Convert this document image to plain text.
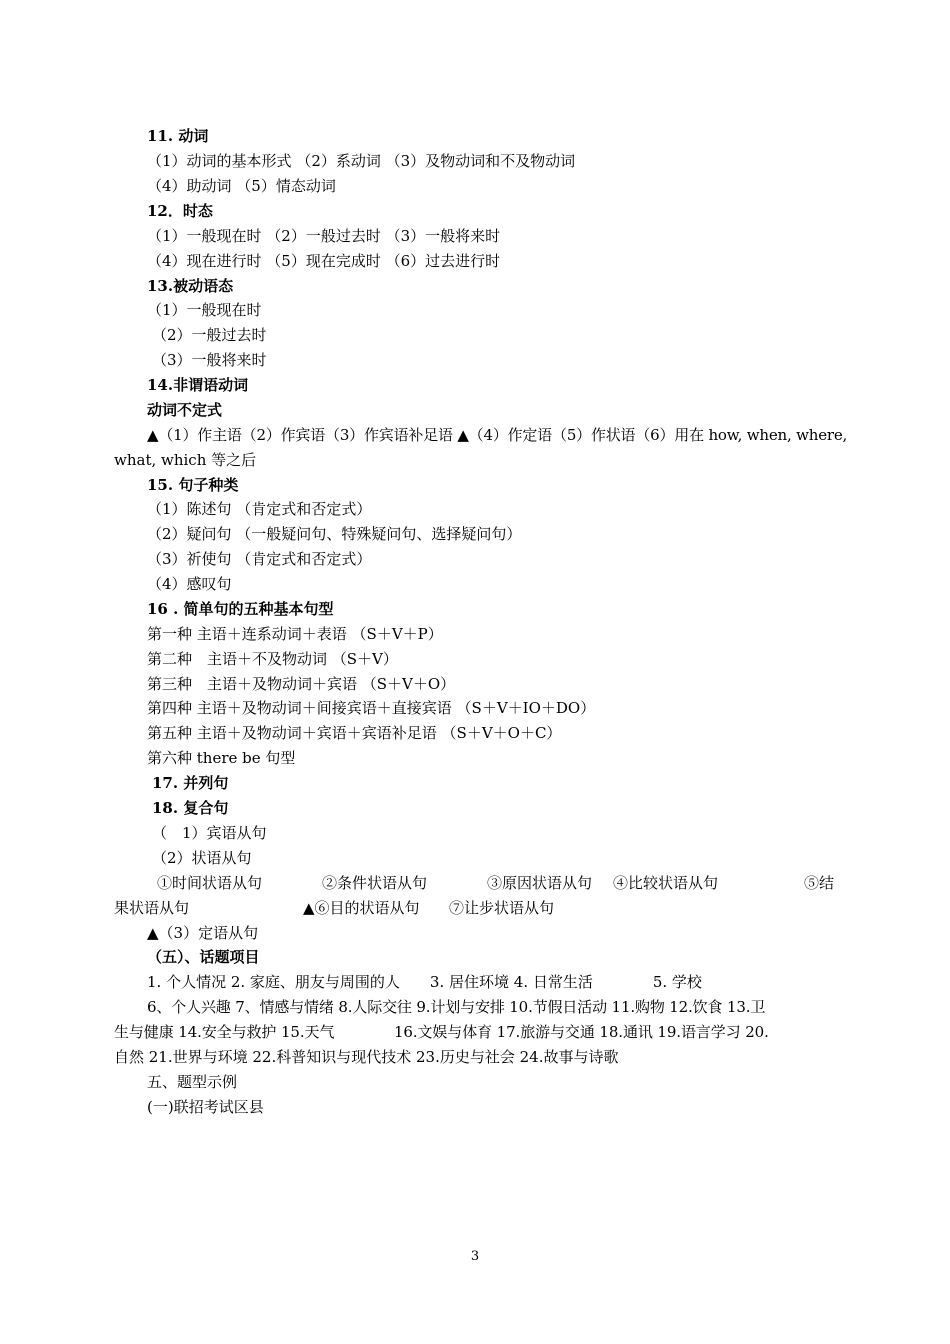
11. 动词
（1）动词的基本形式 （2）系动词 （3）及物动词和不及物动词
（4）助动词 （5）情态动词
12．时态
（1）一般现在时 （2）一般过去时 （3）一般将来时
（4）现在进行时 （5）现在完成时 （6）过去进行时
13.被动语态
（1）一般现在时
（2）一般过去时
（3）一般将来时
14.非谓语动词
动词不定式
▲（1）作主语（2）作宾语（3）作宾语补足语 ▲（4）作定语（5）作状语（6）用在 how, when, where,
what, which 等之后
15. 句子种类
（1）陈述句 （肯定式和否定式）
（2）疑问句 （一般疑问句、特殊疑问句、选择疑问句）
（3）祈使句 （肯定式和否定式）
（4）感叹句
16 . 简单句的五种基本句型
第一种 主语＋连系动词＋表语 （S＋V＋P）
第二种　主语＋不及物动词 （S＋V）
第三种　主语＋及物动词＋宾语 （S＋V＋O）
第四种 主语＋及物动词＋间接宾语＋直接宾语 （S＋V＋IO＋DO）
第五种 主语＋及物动词＋宾语＋宾语补足语 （S＋V＋O＋C）
第六种 there be 句型
17. 并列句
18. 复合句
（　1）宾语从句
（2）状语从句
①时间状语从句	②条件状语从句	③原因状语从句 ④比较状语从句	⑤结
果状语从句	▲⑥目的状语从句 ⑦让步状语从句
▲（3）定语从句
（五）、话题项目
1. 个人情况 2. 家庭、朋友与周围的人　　3. 居住环境 4. 日常生活　　　　5. 学校
6、个人兴趣 7、情感与情绪 8.人际交往 9.计划与安排 10.节假日活动 11.购物 12.饮食 13.卫
生与健康 14.安全与救护 15.天气　　　　16.文娱与体育 17.旅游与交通 18.通讯 19.语言学习 20.
自然 21.世界与环境 22.科普知识与现代技术 23.历史与社会 24.故事与诗歌
五、题型示例
(一)联招考试区县
3
